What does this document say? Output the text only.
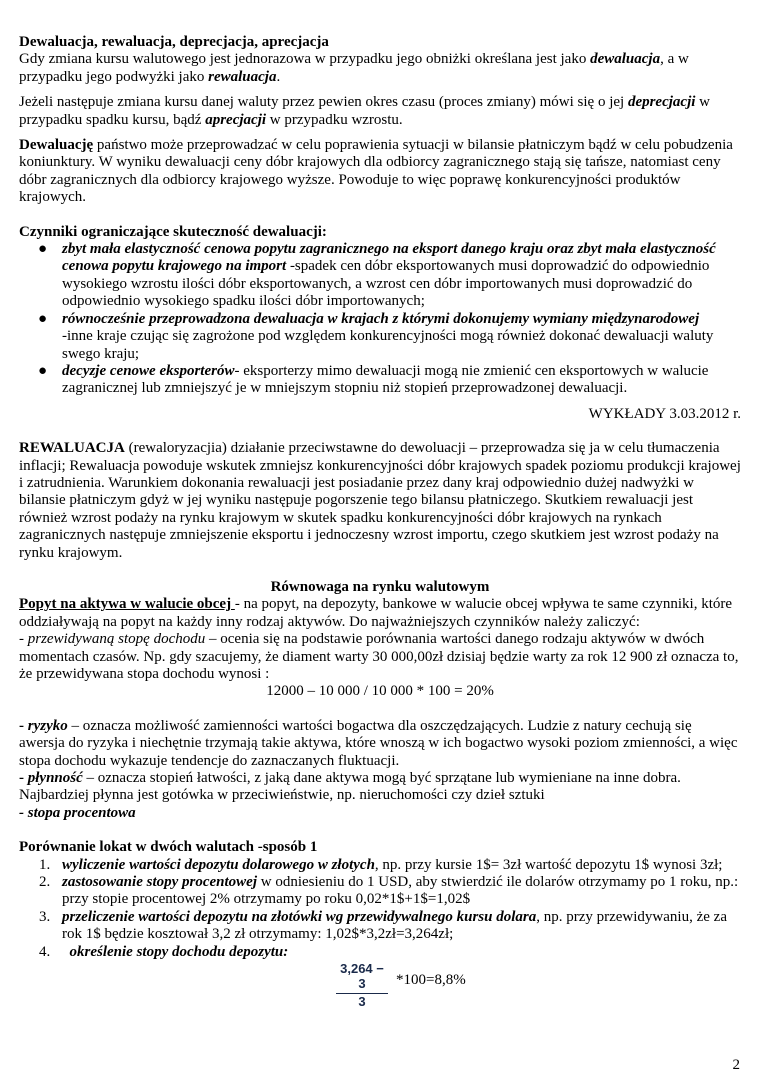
Dewaluacja, rewaluacja, deprecjacja, aprecjacja

Gdy zmiana kursu walutowego jest jednorazowa w przypadku jego obniżki określana jest jako dewaluacja, a w przypadku jego podwyżki jako rewaluacja.

Jeżeli następuje zmiana kursu danej waluty przez pewien okres czasu (proces zmiany) mówi się o jej deprecjacji w przypadku spadku kursu, bądź aprecjacji w przypadku wzrostu.

Dewaluację państwo może przeprowadzać w celu poprawienia sytuacji w bilansie płatniczym bądź w celu pobudzenia koniunktury. W wyniku dewaluacji ceny dóbr krajowych dla odbiorcy zagranicznego stają się tańsze, natomiast ceny dóbr zagranicznych dla odbiorcy krajowego wyższe. Powoduje to więc poprawę konkurencyjności produktów krajowych.

Czynniki ograniczające skuteczność dewaluacji:

● zbyt mała elastyczność cenowa popytu zagranicznego na eksport danego kraju oraz zbyt mała elastyczność cenowa popytu krajowego na import -spadek cen dóbr eksportowanych musi doprowadzić do odpowiednio wysokiego wzrostu ilości dóbr eksportowanych, a wzrost cen dóbr importowanych musi doprowadzić do odpowiednio wysokiego spadku ilości dóbr importowanych;
● równocześnie przeprowadzona dewaluacja w krajach z którymi dokonujemy wymiany międzynarodowej
-inne kraje czując się zagrożone pod względem konkurencyjności mogą również dokonać dewaluacji waluty swego kraju;
● decyzje cenowe eksporterów- eksporterzy mimo dewaluacji mogą nie zmienić cen eksportowych w walucie zagranicznej lub zmniejszyć je w mniejszym stopniu niż stopień przeprowadzonej dewaluacji.

WYKŁADY 3.03.2012 r.

REWALUACJA (rewaloryzacjia) działanie przeciwstawne do dewoluacji – przeprowadza się ja w celu tłumaczenia inflacji; Rewaluacja powoduje wskutek zmniejsz konkurencyjności dóbr krajowych spadek poziomu produkcji krajowej i zatrudnienia. Warunkiem dokonania rewaluacji jest posiadanie przez dany kraj odpowiednio dużej nadwyżki w bilansie płatniczym gdyż w jej wyniku następuje pogorszenie tego bilansu płatniczego. Skutkiem rewaluacji jest również wzrost podaży na rynku krajowym w skutek spadku konkurencyjności dóbr krajowych na rynkach zagranicznych następuje zmniejszenie eksportu i jednoczesny wzrost importu, czego skutkiem jest wzrost podaży na rynku krajowym.

Równowaga na rynku walutowym

Popyt na aktywa w walucie obcej - na popyt, na depozyty, bankowe w walucie obcej wpływa te same czynniki, które oddziaływają na popyt na każdy inny rodzaj aktywów. Do najważniejszych czynników należy zaliczyć:

- przewidywaną stopę dochodu – ocenia się na podstawie porównania wartości danego rodzaju aktywów w dwóch momentach czasów. Np. gdy szacujemy, że diament warty 30 000,00zł dzisiaj będzie warty za rok 12 900 zł oznacza to, że przewidywana stopa dochodu wynosi :

12000 – 10 000 / 10 000 * 100 = 20%

- ryzyko – oznacza możliwość zamienności wartości bogactwa dla oszczędzających. Ludzie z natury cechują się awersja do ryzyka i niechętnie trzymają takie aktywa, które wnoszą w ich bogactwo wysoki poziom zmienności, a więc stopa dochodu wykazuje tendencje do zaznaczanych fluktuacji.

- płynność – oznacza stopień łatwości, z jaką dane aktywa mogą być sprzątane lub wymieniane na inne dobra. Najbardziej płynna jest gotówka w przeciwieństwie, np. nieruchomości czy dzieł sztuki

- stopa procentowa

Porównanie lokat w dwóch walutach -sposób 1

1. wyliczenie wartości depozytu dolarowego w złotych, np. przy kursie 1$= 3zł wartość depozytu 1$ wynosi 3zł;
2. zastosowanie stopy procentowej w odniesieniu do 1 USD, aby stwierdzić ile dolarów otrzymamy po 1 roku, np.: przy stopie procentowej 2% otrzymamy po roku 0,02*1$+1$=1,02$
3. przeliczenie wartości depozytu na złotówki wg przewidywalnego kursu dolara, np. przy przewidywaniu, że za rok 1$ będzie kosztował 3,2 zł otrzymamy: 1,02$*3,2zł=3,264zł;
4. określenie stopy dochodu depozytu:
3,264 − 3
3
*100=8,8%
2
